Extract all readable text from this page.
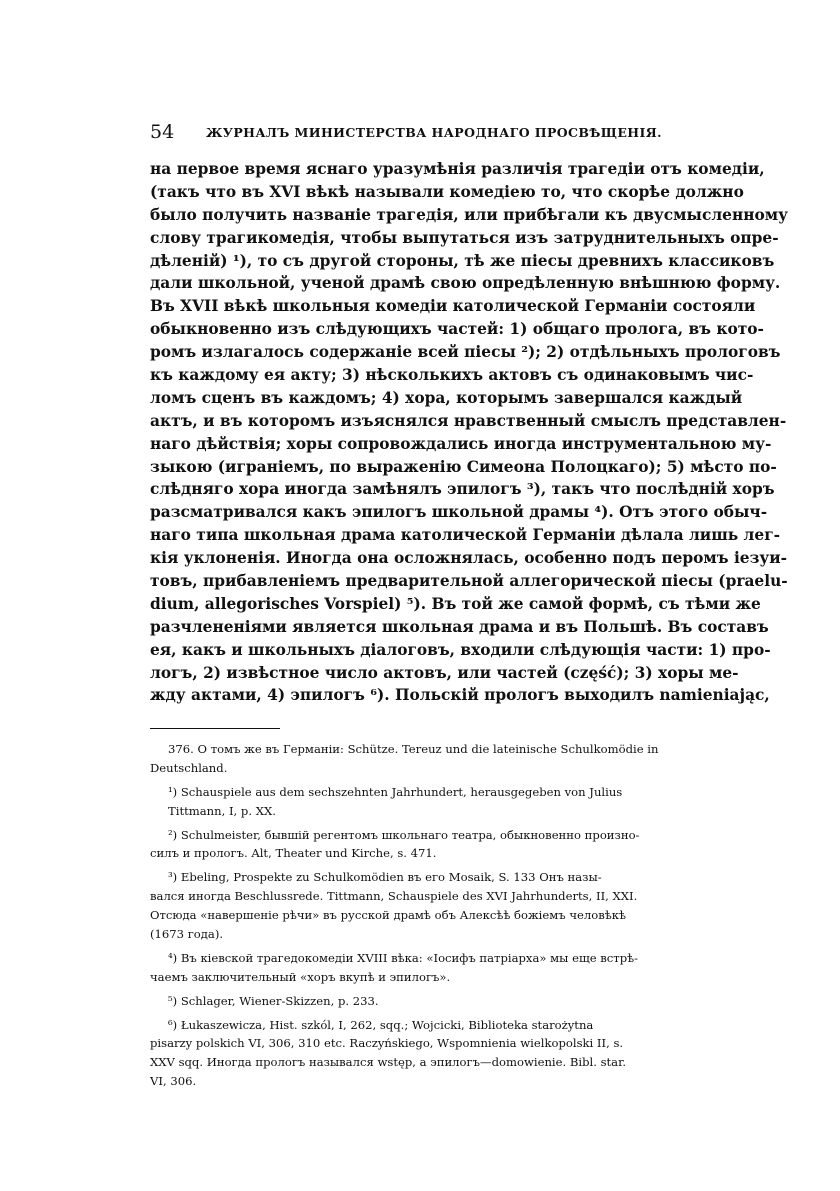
54	ЖУРНАЛЪ МИНИСТЕРСТВА НАРОДНАГО ПРОСВѢЩЕНІЯ.
на первое время яснаго уразумѣнія различія трагедіи отъ комедіи,
(такъ что въ XVI вѣкѣ называли комедіею то, что скорѣе должно
было получить названіе трагедія, или прибѣгали къ двусмысленному
слову трагикомедія, чтобы выпутаться изъ затруднительныхъ опре-
дѣленій) ¹), то съ другой стороны, тѣ же піесы древнихъ классиковъ
дали школьной, ученой драмѣ свою опредѣленную внѣшнюю форму.
Въ XVII вѣкѣ школьныя комедіи католической Германіи состояли
обыкновенно изъ слѣдующихъ частей: 1) общаго пролога, въ кото-
ромъ излагалось содержаніе всей піесы ²); 2) отдѣльныхъ прологовъ
къ каждому ея акту; 3) нѣсколькихъ актовъ съ одинаковымъ чис-
ломъ сценъ въ каждомъ; 4) хора, которымъ завершался каждый
актъ, и въ которомъ изъяснялся нравственный смыслъ представлен-
наго дѣйствія; хоры сопровождались иногда инструментальною му-
зыкою (играніемъ, по выраженію Симеона Полоцкаго); 5) мѣсто по-
слѣдняго хора иногда замѣнялъ эпилогъ ³), такъ что послѣдній хоръ
разсматривался какъ эпилогъ школьной драмы ⁴). Отъ этого обыч-
наго типа школьная драма католической Германіи дѣлала лишь лег-
кія уклоненія. Иногда она осложнялась, особенно подъ перомъ іезуи-
товъ, прибавленіемъ предварительной аллегорической піесы (praelu-
dium, allegorisches Vorspiel) ⁵). Въ той же самой формѣ, съ тѣми же
разчлененіями является школьная драма и въ Польшѣ. Въ составъ
ея, какъ и школьныхъ діалоговъ, входили слѣдующія части: 1) про-
логъ, 2) извѣстное число актовъ, или частей (część); 3) хоры ме-
жду актами, 4) эпилогъ ⁶). Польскій прологъ выходилъ namieniając,
376. О томъ же въ Германіи: Schütze. Tereuz und die lateinische Schulkomödie in
Deutschland.
¹) Schauspiele aus dem sechszehnten Jahrhundert, herausgegeben von Julius
Tittmann, I, p. XX.
²) Schulmeister, бывшій регентомъ школьнаго театра, обыкновенно произно-
силъ и прологъ. Alt, Theater und Kirche, s. 471.
³) Ebeling, Prospekte zu Schulkomödien въ его Mosaik, S. 133 Онъ назы-
вался иногда Beschlussrede. Tittmann, Schauspiele des XVI Jahrhunderts, II, XXI.
Отсюда «навершеніе рѣчи» въ русской драмѣ объ Алексѣѣ божіемъ человѣкѣ
(1673 года).
⁴) Въ кіевской трагедокомедіи XVIII вѣка: «Іосифъ патріарха» мы еще встрѣ-
чаемъ заключительный «хоръ вкупѣ и эпилогъ».
⁵) Schlager, Wiener-Skizzen, p. 233.
⁶) Łukaszewicza, Hist. szkól, I, 262, sqq.; Wojcicki, Biblioteka starożytna
pisarzy polskich VI, 306, 310 etc. Raczyńskiego, Wspomnienia wielkopolski II, s.
XXV sqq. Иногда прологъ назывался wstęp, а эпилогъ—domowienie. Bibl. star.
VI, 306.
